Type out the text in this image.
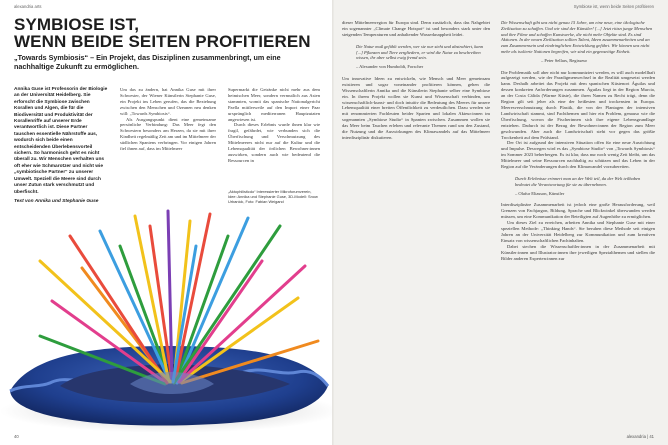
alexandria arts
SYMBIOSE IST,
WENN BEIDE SEITEN PROFITIEREN
„Towards Symbiosis“ – Ein Projekt, das Disziplinen zusammenbringt, um eine nachhaltige Zukunft zu ermöglichen.
Annika Guse ist Professorin der Biologie an der Universität Heidelberg. Sie erforscht die Symbiose zwischen Korallen und Algen, die für die Biodiversität und Produktivität der Korallenriffe auf unserer Erde verantwortlich ist. Diese Partner tauschen essentielle Nährstoffe aus, wodurch sich beide einen entscheidenden Überlebensvorteil sichern. So harmonisch geht es nicht überall zu. Wir Menschen verhalten uns oft eher wie Schmarotzer und nicht wie „symbiotische Partner“ zu unserer Umwelt. Speziell die Meere sind durch unser Zutun stark verschmutzt und überfischt.
Text von Annika und Stephanie Guse

Um das zu ändern, hat Annika Guse mit ihrer Schwester, der Wiener Künstlerin Stephanie Guse, ein Projekt ins Leben gerufen, das die Beziehung zwischen den Menschen und Ozeanen neu denken will: „Towards Symbiosis“.

Als Ausgangspunkt dient eine gemeinsame persönliche Verbindung: Das Meer fegt den Schwestern besonders am Herzen, da sie mit ihrer Kindheit regelmäßig Zeit am und im Mittelmeer der südlichen Spaniens verbringen. Vor einigen Jahren fiel ihnen auf, dass im Mittelmeer

Supermarkt die Getränke nicht mehr aus dem heimischen Meer, sondern vermutlich aus Asien stammten, womit das spanische Nationalgericht Paella mittlerweile auf den Import einer Paar ursprünglich mediterranen Hauptzutaten angewiesen ist.

Durch dieses Erlebnis wurde ihnen klar wie fragil, gefährdet, wie verbunden sich die Überfischung und Verschmutzung des Mittelmeeres nicht nur auf die Kultur und die Lebensqualität der örtlichen Bewohner:innen auswirken, sondern auch wie bedeutend die Ressourcen in

„Aktophilisticdo“ Interessierter Mikroforumverein, Idee: Annika und Stephanie Guse, 3D-Modell: Snow Urbanick, Foto: Fabian Weigand
40
Symbiose ist, wenn beide Seiten profitieren

dieser Mittelmeerregion für Europa sind. Denn zusätzlich, dass das Nahgebiet ein sogenannter „Climate Change Hotspot“ ist und besonders stark unter den steigenden Temperaturen und anhaltender Wasserknappheit leidet.

Die Natur muß gefühlt werden, wer sie nur sieht und abstrahiert, kann [...] Pflanzen und Tiere zergliedern, er wird die Natur zu beschreiben wissen, ihr aber selbst ewig fremd sein.
– Alexander von Humboldt, Forscher

Um innovative Ideen zu entwickeln, wie Mensch und Meer gemeinsam existieren und sogar voneinander profitieren können, gehen die Wissenschaftlerin Annika und die Künstlerin Stephanie selber eine Symbiose ein. In ihrem Projekt wollen sie Kunst und Wissenschaft verbinden, um wissenschaftlich-kunst- und doch intuitiv die Bedeutung des Meeres für unsere Lebensqualität einer breiten Öffentlichkeit zu verdeutlichen. Dazu werden sie mit renommierten Fachleuten beider Sparten und lokalen Akteur:innen im sogenannten „Symbiose Studio“ in Spanien zwischen. Zusammen wollen sie das Meer beim Tauchen erleben und relevante Themen rund um den Zustand, die Nutzung und die Auswirkungen des Klimawandels auf das Mittelmeer interdisziplinär diskutieren.

Die Wissenschaft gibt uns nicht genau 15 Jahre, um eine neue, eine ökologische Zivilisation zu schaffen. Und wir sind der Künstler! [...] Jetzt rittsn junge Menschen und ihre Filme und schaffen Kunstwerke, die nicht mehr Objekte sind. Es sind Aktionen. In der neuen Zivilisation sollten Talent, Ideen zusammenarbeiten und an zum Zusammensein und eindringlichen Entwicklung geführt. Wir können uns nicht mehr als isolierte Nationen begreifen, wir sind ein gegenseitige Einheit.
– Peter Sellars, Regisseur

Die Problematik soll aber nicht nur kommuniziert werden, es will auch modellhaft aufgezeigt werden, wie der Paradigmenwechsel in die Realität umgesetzt werden kann. Deshalb arbeitet das Projekt mit dem spanischen Küstenort Águilas und dessen konkreten Anforderungen zusammen. Águilas liegt in der Region Murcia, an der Costa Cálida (Warme Küste), die ihren Namen zu Recht trägt, denn die Region gilt seit jeher als eine der heißesten und trockensten in Europa. Meeresverschmutzung durch Plastik, die von der Plantagen der intensiven Landwirtschaft stammt, sind Fachthemen und hier ein Problem, genauso wie die Überfischung, wovon die Fischerinnen sich ihre eigene Lebensgrundlage entziehen. Dadurch ist der Bezug der Bewohner:innen der Region zum Meer geschwunden. Aber auch die Landwirtschaft steht vor gegen das größte Trockenheit auf dem Prüfstand.

Der Ort ist aufgrund der intensiven Situation offen für eine neue Ausrichtung und Impulse. Deswegen wird es das „Symbiose Studio“ von „Towards Symbiosis“ im Sommer 2023 beherbergen. Es ist klar, dass nur noch wenig Zeit bleibt, um das Mittelmeer und seine Ressourcen nachhaltig zu schützen und das Leben in der Region auf die Veränderungen durch den Klimawandel vorzubereiten.

Durch Erlebnisse erinnert man an der Welt teil, da der Welt teilhaben bedeutet die Verantwortung für sie zu übernehmen.
– Olafur Eliasson, Künstler

Interdisziplinäre Zusammenarbeit ist jedoch eine große Herausforderung, weil Grenzen von Fachjargon, Bildung, Sprache und Blickwinkel überwunden werden müssen, um eine Kommunikation der Beteiligten auf Augenhöhe zu ermöglichen.

Um dieses Ziel zu erreichen, arbeiten Annika und Stephanie Guse mit einer speziellen Methode: „Thinking Hands“. Sie beruhen diese Methode seit einigen Jahren an der Universität Heidelberg zur Kommunikation und zum kreativen Einsatz von wissenschaftlichen Fachinhalten.

Dabei stechen die Wissenschaftler:innen in der Zusammenarbeit mit Künstler:innen und Illustrator:innen ihre jeweiligen Spezialthemen und stellen die Bilder anderen Experten:innen zur

alexandria | 41
